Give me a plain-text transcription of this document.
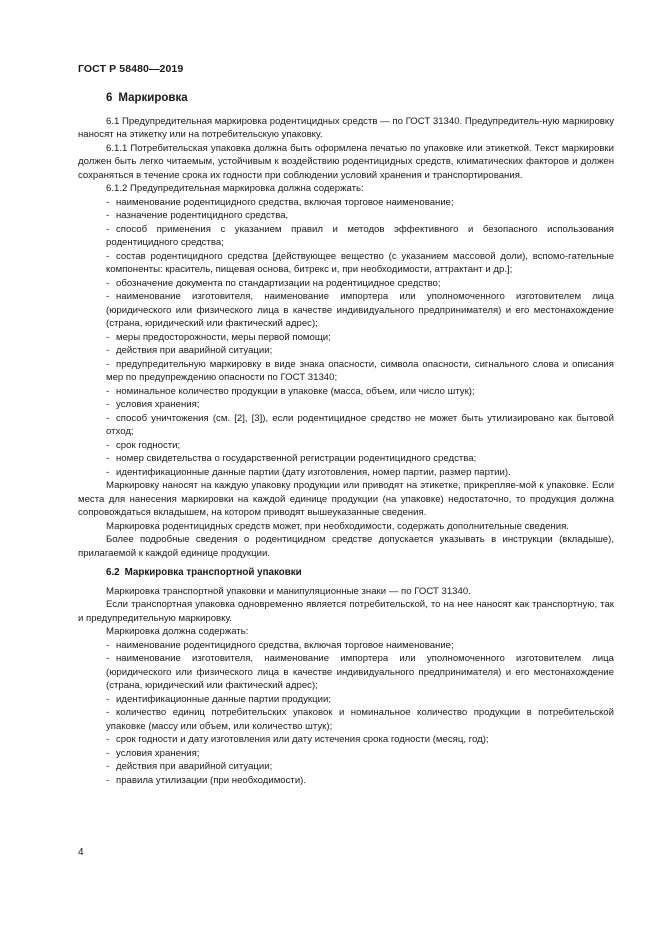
ГОСТ Р 58480—2019
6 Маркировка

6.1 Предупредительная маркировка родентицидных средств — по ГОСТ 31340. Предупредитель-ную маркировку наносят на этикетку или на потребительскую упаковку.

6.1.1 Потребительская упаковка должна быть оформлена печатью по упаковке или этикеткой. Текст маркировки должен быть легко читаемым, устойчивым к воздействию родентицидных средств, климатических факторов и должен сохраняться в течение срока их годности при соблюдении условий хранения и транспортирования.

6.1.2 Предупредительная маркировка должна содержать:

- наименование родентицидного средства, включая торговое наименование;

- назначение родентицидного средства,

- способ применения с указанием правил и методов эффективного и безопасного использования родентицидного средства;

- состав родентицидного средства [действующее вещество (с указанием массовой доли), вспомо-гательные компоненты: краситель, пищевая основа, битрекс и, при необходимости, аттрактант и др.];

- обозначение документа по стандартизации на родентицидное средство;

- наименование изготовителя, наименование импортера или уполномоченного изготовителем лица (юридического или физического лица в качестве индивидуального предпринимателя) и его местонахождение (страна, юридический или фактический адрес);

- меры предосторожности, меры первой помощи;

- действия при аварийной ситуации;

- предупредительную маркировку в виде знака опасности, символа опасности, сигнального слова и описания мер по предупреждению опасности по ГОСТ 31340;

- номинальное количество продукции в упаковке (масса, объем, или число штук);

- условия хранения;

- способ уничтожения (см. [2], [3]), если родентицидное средство не может быть утилизировано как бытовой отход;

- срок годности;

- номер свидетельства о государственной регистрации родентицидного средства;

- идентификационные данные партии (дату изготовления, номер партии, размер партии).

Маркировку наносят на каждую упаковку продукции или приводят на этикетке, прикрепляе-мой к упаковке. Если места для нанесения маркировки на каждой единице продукции (на упаковке) недостаточно, то продукция должна сопровождаться вкладышем, на котором приводят вышеуказанные сведения.

Маркировка родентицидных средств может, при необходимости, содержать дополнительные сведения.

Более подробные сведения о родентицидном средстве допускается указывать в инструкции (вкладыше), прилагаемой к каждой единице продукции.

6.2 Маркировка транспортной упаковки

Маркировка транспортной упаковки и манипуляционные знаки — по ГОСТ 31340.

Если транспортная упаковка одновременно является потребительской, то на нее наносят как транспортную, так и предупредительную маркировку.

Маркировка должна содержать:

- наименование родентицидного средства, включая торговое наименование;

- наименование изготовителя, наименование импортера или уполномоченного изготовителем лица (юридического или физического лица в качестве индивидуального предпринимателя) и его местонахождение (страна, юридический или фактический адрес);

- идентификационные данные партии продукции;

- количество единиц потребительских упаковок и номинальное количество продукции в потребительской упаковке (массу или объем, или количество штук);

- срок годности и дату изготовления или дату истечения срока годности (месяц, год);

- условия хранения;

- действия при аварийной ситуации;

- правила утилизации (при необходимости).

4
